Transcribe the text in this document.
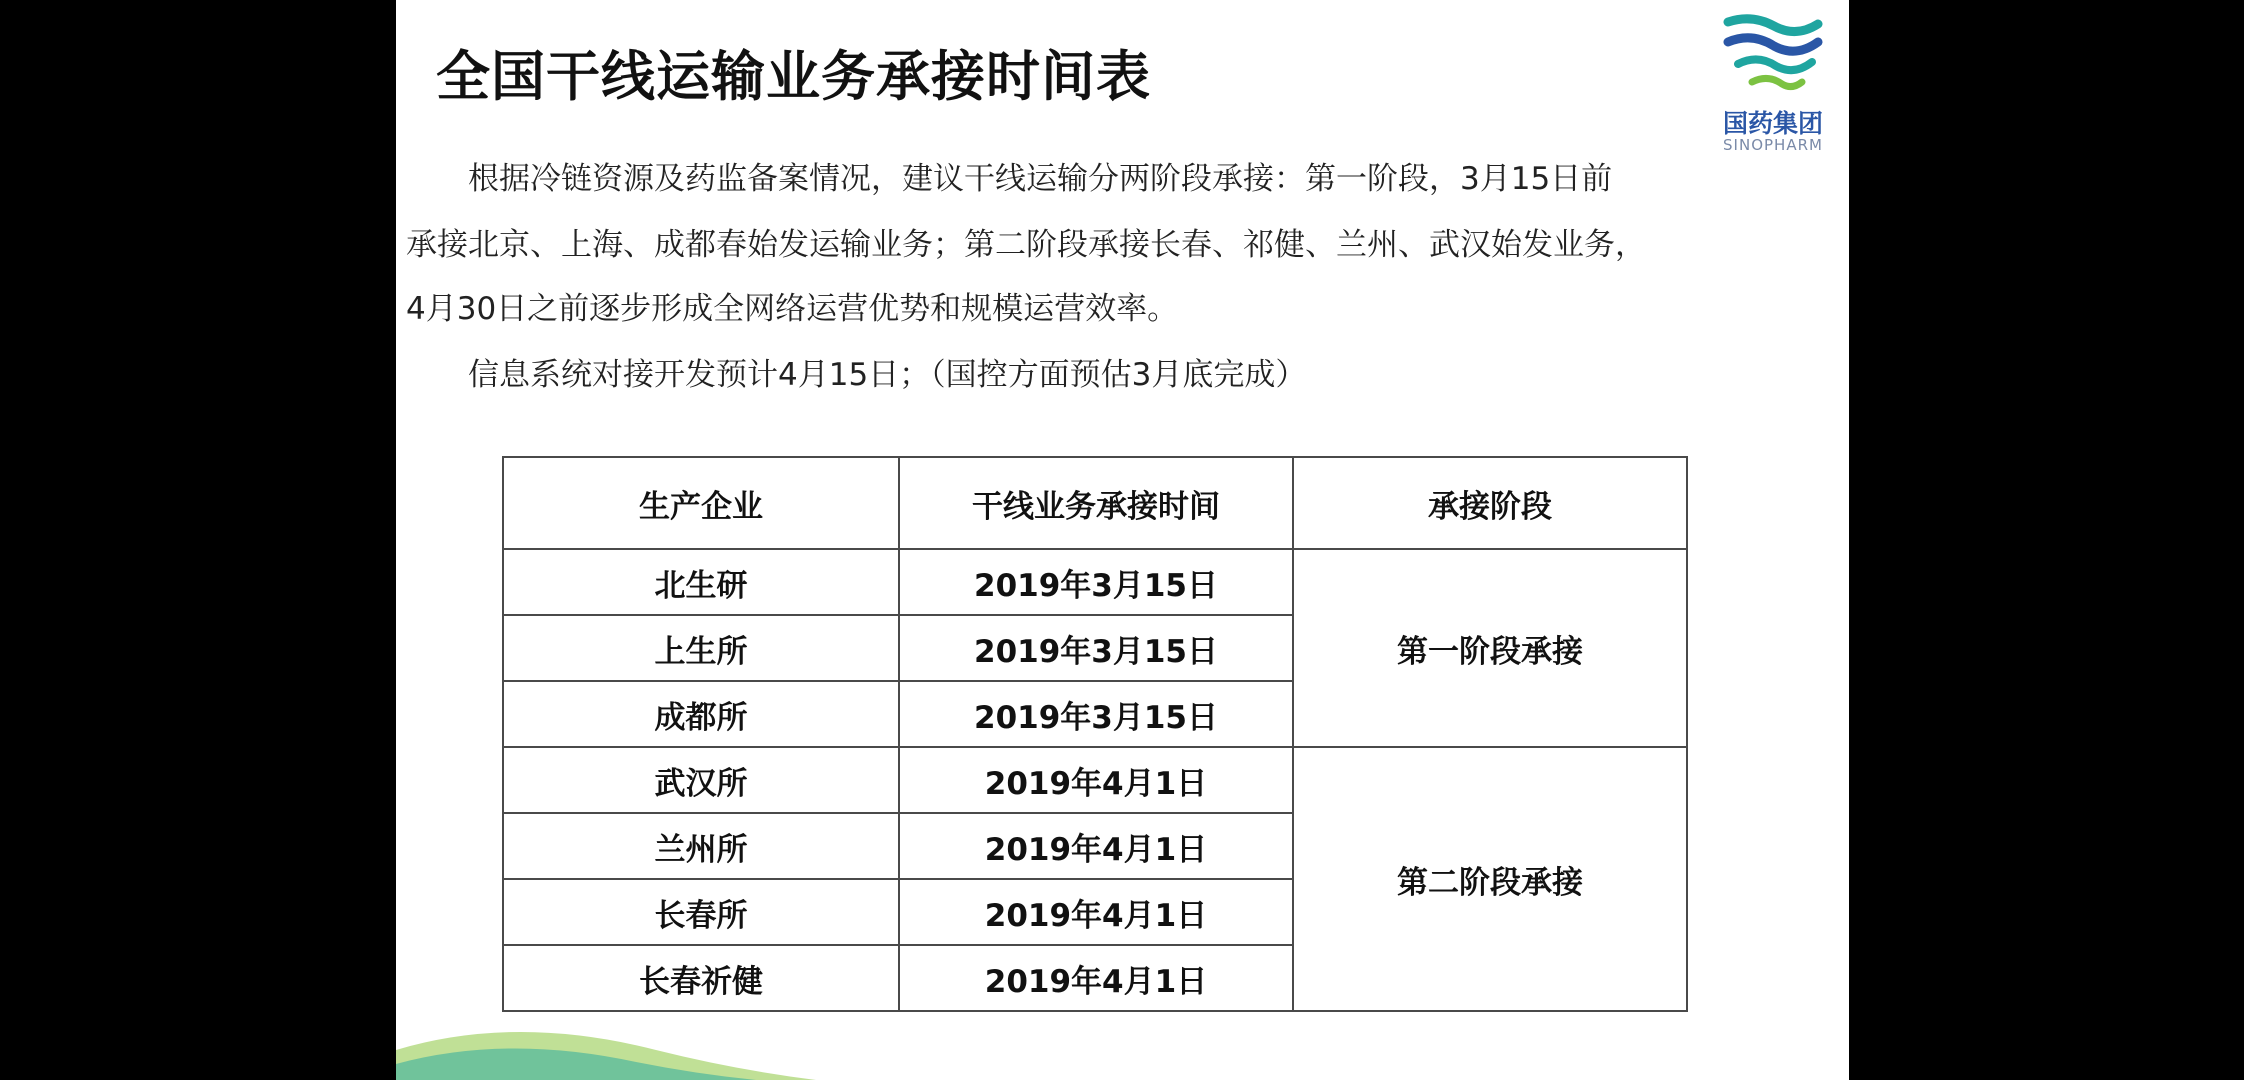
全国干线运输业务承接时间表
国药集团
SINOPHARM
　　根据冷链资源及药监备案情况，建议干线运输分两阶段承接：第一阶段，3月15日前
承接北京、上海、成都春始发运输业务；第二阶段承接长春、祁健、兰州、武汉始发业务，
4月30日之前逐步形成全网络运营优势和规模运营效率。
　　信息系统对接开发预计4月15日；（国控方面预估3月底完成）
生产企业	干线业务承接时间	承接阶段
北生研	2019年3月15日	第一阶段承接
上生所	2019年3月15日	
成都所	2019年3月15日	
武汉所	2019年4月1日	第二阶段承接
兰州所	2019年4月1日	
长春所	2019年4月1日	
长春祈健	2019年4月1日	
